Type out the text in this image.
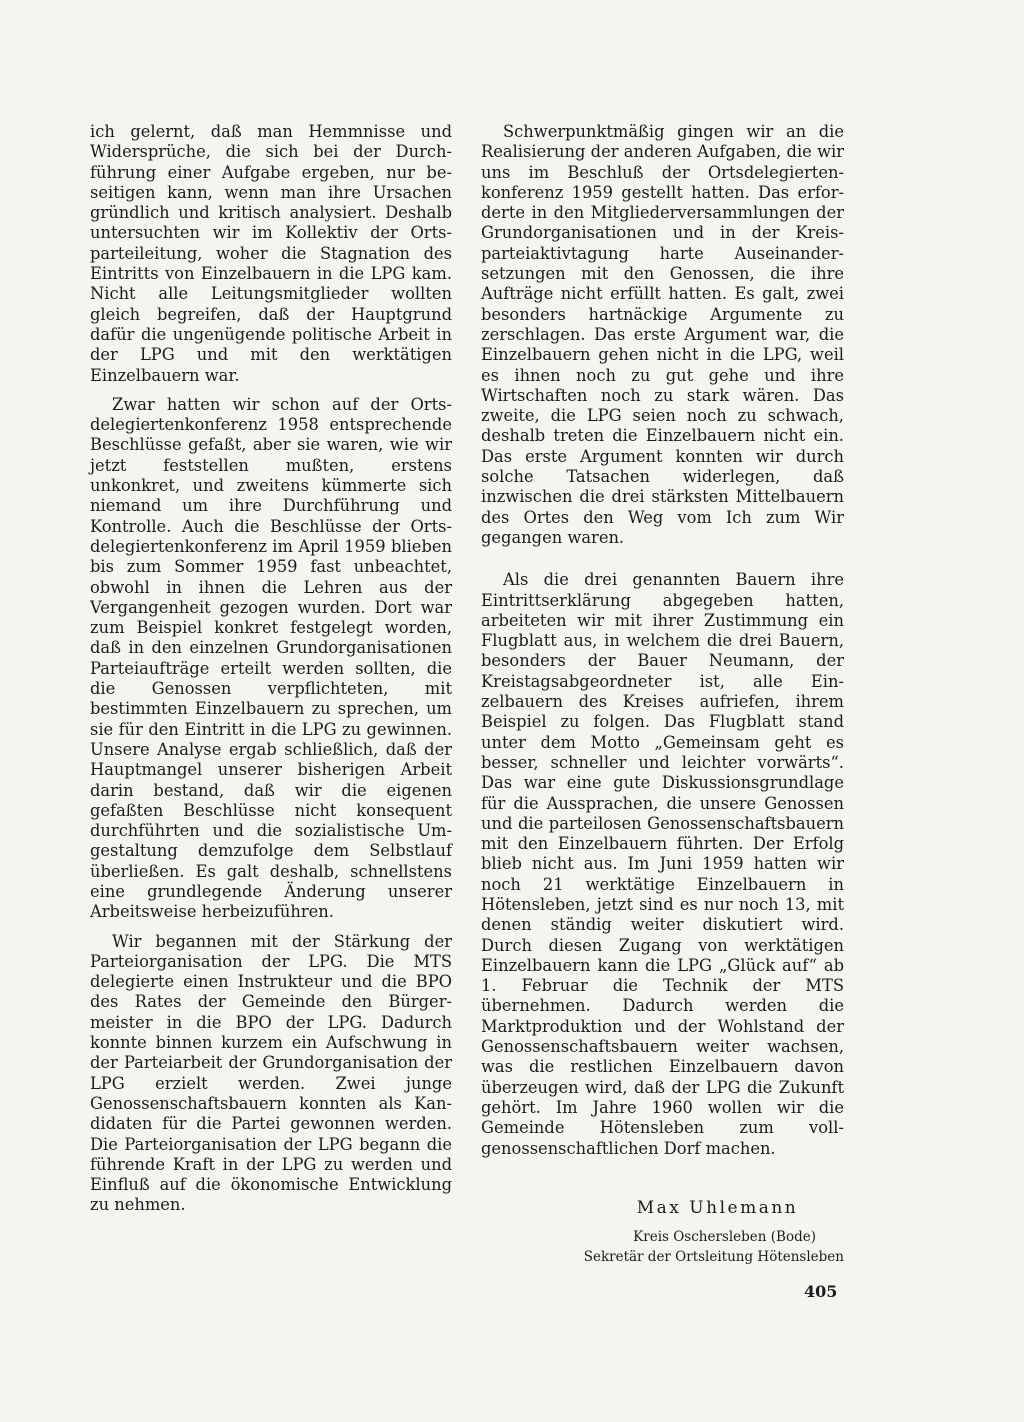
ich gelernt, daß man Hemmnisse und Widersprüche, die sich bei der Durchführung einer Aufgabe ergeben, nur beseitigen kann, wenn man ihre Ursachen gründlich und kritisch analysiert. Deshalb untersuchten wir im Kollektiv der Ortsparteileitung, woher die Stagnation des Eintritts von Einzelbauern in die LPG kam. Nicht alle Leitungsmitglieder wollten gleich begreifen, daß der Hauptgrund dafür die ungenügende politische Arbeit in der LPG und mit den werktätigen Einzelbauern war.

Zwar hatten wir schon auf der Ortsdelegiertenkonferenz 1958 entsprechende Beschlüsse gefaßt, aber sie waren, wie wir jetzt feststellen mußten, erstens unkonkret, und zweitens kümmerte sich niemand um ihre Durchführung und Kontrolle. Auch die Beschlüsse der Ortsdelegiertenkonferenz im April 1959 blieben bis zum Sommer 1959 fast unbeachtet, obwohl in ihnen die Lehren aus der Vergangenheit gezogen wurden. Dort war zum Beispiel konkret festgelegt worden, daß in den einzelnen Grundorganisationen Parteiaufträge erteilt werden sollten, die die Genossen verpflichteten, mit bestimmten Einzelbauern zu sprechen, um sie für den Eintritt in die LPG zu gewinnen. Unsere Analyse ergab schließlich, daß der Hauptmangel unserer bisherigen Arbeit darin bestand, daß wir die eigenen gefaßten Beschlüsse nicht konsequent durchführten und die sozialistische Umgestaltung demzufolge dem Selbstlauf überließen. Es galt deshalb, schnellstens eine grundlegende Änderung unserer Arbeitsweise herbeizuführen.

Wir begannen mit der Stärkung der Parteiorganisation der LPG. Die MTS delegierte einen Instrukteur und die BPO des Rates der Gemeinde den Bürgermeister in die BPO der LPG. Dadurch konnte binnen kurzem ein Aufschwung in der Parteiarbeit der Grundorganisation der LPG erzielt werden. Zwei junge Genossenschaftsbauern konnten als Kandidaten für die Partei gewonnen werden. Die Parteiorganisation der LPG begann die führende Kraft in der LPG zu werden und Einfluß auf die ökonomische Entwicklung zu nehmen.

Schwerpunktmäßig gingen wir an die Realisierung der anderen Aufgaben, die wir uns im Beschluß der Ortsdelegiertenkonferenz 1959 gestellt hatten. Das erforderte in den Mitgliederversammlungen der Grundorganisationen und in der Kreisparteiaktivtagung harte Auseinandersetzungen mit den Genossen, die ihre Aufträge nicht erfüllt hatten. Es galt, zwei besonders hartnäckige Argumente zu zerschlagen. Das erste Argument war, die Einzelbauern gehen nicht in die LPG, weil es ihnen noch zu gut gehe und ihre Wirtschaften noch zu stark wären. Das zweite, die LPG seien noch zu schwach, deshalb treten die Einzelbauern nicht ein. Das erste Argument konnten wir durch solche Tatsachen widerlegen, daß inzwischen die drei stärksten Mittelbauern des Ortes den Weg vom Ich zum Wir gegangen waren.

Als die drei genannten Bauern ihre Eintrittserklärung abgegeben hatten, arbeiteten wir mit ihrer Zustimmung ein Flugblatt aus, in welchem die drei Bauern, besonders der Bauer Neumann, der Kreistagsabgeordneter ist, alle Einzelbauern des Kreises aufriefen, ihrem Beispiel zu folgen. Das Flugblatt stand unter dem Motto „Gemeinsam geht es besser, schneller und leichter vorwärts“. Das war eine gute Diskussionsgrundlage für die Aussprachen, die unsere Genossen und die parteilosen Genossenschaftsbauern mit den Einzelbauern führten. Der Erfolg blieb nicht aus. Im Juni 1959 hatten wir noch 21 werktätige Einzelbauern in Hötensleben, jetzt sind es nur noch 13, mit denen ständig weiter diskutiert wird. Durch diesen Zugang von werktätigen Einzelbauern kann die LPG „Glück auf“ ab 1. Februar die Technik der MTS übernehmen. Dadurch werden die Marktproduktion und der Wohlstand der Genossenschaftsbauern weiter wachsen, was die restlichen Einzelbauern davon überzeugen wird, daß der LPG die Zukunft gehört. Im Jahre 1960 wollen wir die Gemeinde Hötensleben zum vollgenossenschaftlichen Dorf machen.

Max Uhlemann

Kreis Oschersleben (Bode)

Sekretär der Ortsleitung Hötensleben

405
